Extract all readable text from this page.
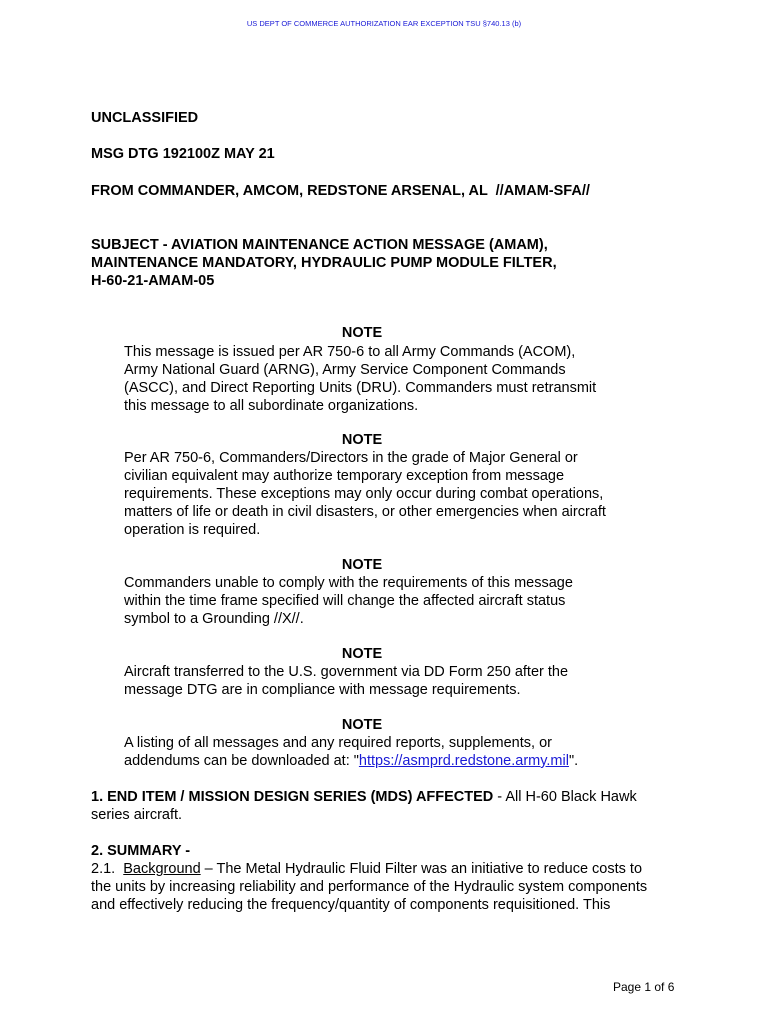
US DEPT OF COMMERCE AUTHORIZATION EAR EXCEPTION TSU §740.13 (b)
UNCLASSIFIED
MSG DTG 192100Z MAY 21
FROM COMMANDER, AMCOM, REDSTONE ARSENAL, AL  //AMAM-SFA//
SUBJECT - AVIATION MAINTENANCE ACTION MESSAGE (AMAM),
MAINTENANCE MANDATORY, HYDRAULIC PUMP MODULE FILTER,
H-60-21-AMAM-05
NOTE
This message is issued per AR 750-6 to all Army Commands (ACOM),
Army National Guard (ARNG), Army Service Component Commands
(ASCC), and Direct Reporting Units (DRU). Commanders must retransmit
this message to all subordinate organizations.
NOTE
Per AR 750-6, Commanders/Directors in the grade of Major General or
civilian equivalent may authorize temporary exception from message
requirements. These exceptions may only occur during combat operations,
matters of life or death in civil disasters, or other emergencies when aircraft
operation is required.
NOTE
Commanders unable to comply with the requirements of this message
within the time frame specified will change the affected aircraft status
symbol to a Grounding //X//.
NOTE
Aircraft transferred to the U.S. government via DD Form 250 after the
message DTG are in compliance with message requirements.
NOTE
A listing of all messages and any required reports, supplements, or
addendums can be downloaded at: "https://asmprd.redstone.army.mil".
1. END ITEM / MISSION DESIGN SERIES (MDS) AFFECTED - All H-60 Black Hawk
series aircraft.
2. SUMMARY -
2.1.  Background – The Metal Hydraulic Fluid Filter was an initiative to reduce costs to
the units by increasing reliability and performance of the Hydraulic system components
and effectively reducing the frequency/quantity of components requisitioned. This
Page 1 of 6
